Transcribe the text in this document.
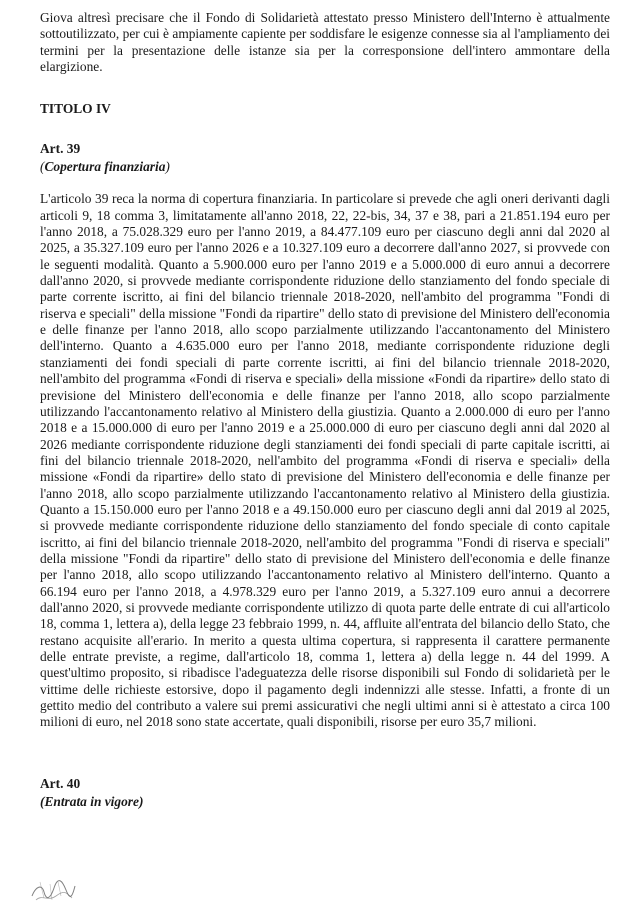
Giova altresì precisare che il Fondo di Solidarietà attestato presso Ministero dell'Interno è attualmente sottoutilizzato, per cui è ampiamente capiente per soddisfare le esigenze connesse sia al l'ampliamento dei termini per la presentazione delle istanze sia per la corresponsione dell'intero ammontare della elargizione.

TITOLO IV

Art. 39

(Copertura finanziaria)

L'articolo 39 reca la norma di copertura finanziaria. In particolare si prevede che agli oneri derivanti dagli articoli 9, 18 comma 3, limitatamente all'anno 2018, 22, 22-bis, 34, 37 e 38, pari a 21.851.194 euro per l'anno 2018, a 75.028.329 euro per l'anno 2019, a 84.477.109 euro per ciascuno degli anni dal 2020 al 2025, a 35.327.109 euro per l'anno 2026 e a 10.327.109 euro a decorrere dall'anno 2027, si provvede con le seguenti modalità. Quanto a 5.900.000 euro per l'anno 2019 e a 5.000.000 di euro annui a decorrere dall'anno 2020, si provvede mediante corrispondente riduzione dello stanziamento del fondo speciale di parte corrente iscritto, ai fini del bilancio triennale 2018-2020, nell'ambito del programma "Fondi di riserva e speciali" della missione "Fondi da ripartire" dello stato di previsione del Ministero dell'economia e delle finanze per l'anno 2018, allo scopo parzialmente utilizzando l'accantonamento del Ministero dell'interno. Quanto a 4.635.000 euro per l'anno 2018, mediante corrispondente riduzione degli stanziamenti dei fondi speciali di parte corrente iscritti, ai fini del bilancio triennale 2018-2020, nell'ambito del programma «Fondi di riserva e speciali» della missione «Fondi da ripartire» dello stato di previsione del Ministero dell'economia e delle finanze per l'anno 2018, allo scopo parzialmente utilizzando l'accantonamento relativo al Ministero della giustizia. Quanto a 2.000.000 di euro per l'anno 2018 e a 15.000.000 di euro per l'anno 2019 e a 25.000.000 di euro per ciascuno degli anni dal 2020 al 2026 mediante corrispondente riduzione degli stanziamenti dei fondi speciali di parte capitale iscritti, ai fini del bilancio triennale 2018-2020, nell'ambito del programma «Fondi di riserva e speciali» della missione «Fondi da ripartire» dello stato di previsione del Ministero dell'economia e delle finanze per l'anno 2018, allo scopo parzialmente utilizzando l'accantonamento relativo al Ministero della giustizia. Quanto a 15.150.000 euro per l'anno 2018 e a 49.150.000 euro per ciascuno degli anni dal 2019 al 2025, si provvede mediante corrispondente riduzione dello stanziamento del fondo speciale di conto capitale iscritto, ai fini del bilancio triennale 2018-2020, nell'ambito del programma "Fondi di riserva e speciali" della missione "Fondi da ripartire" dello stato di previsione del Ministero dell'economia e delle finanze per l'anno 2018, allo scopo utilizzando l'accantonamento relativo al Ministero dell'interno. Quanto a 66.194 euro per l'anno 2018, a 4.978.329 euro per l'anno 2019, a 5.327.109 euro annui a decorrere dall'anno 2020, si provvede mediante corrispondente utilizzo di quota parte delle entrate di cui all'articolo 18, comma 1, lettera a), della legge 23 febbraio 1999, n. 44, affluite all'entrata del bilancio dello Stato, che restano acquisite all'erario. In merito a questa ultima copertura, si rappresenta il carattere permanente delle entrate previste, a regime, dall'articolo 18, comma 1, lettera a) della legge n. 44 del 1999. A quest'ultimo proposito, si ribadisce l'adeguatezza delle risorse disponibili sul Fondo di solidarietà per le vittime delle richieste estorsive, dopo il pagamento degli indennizzi alle stesse. Infatti, a fronte di un gettito medio del contributo a valere sui premi assicurativi che negli ultimi anni si è attestato a circa 100 milioni di euro, nel 2018 sono state accertate, quali disponibili, risorse per euro 35,7 milioni.

Art. 40

(Entrata in vigore)
